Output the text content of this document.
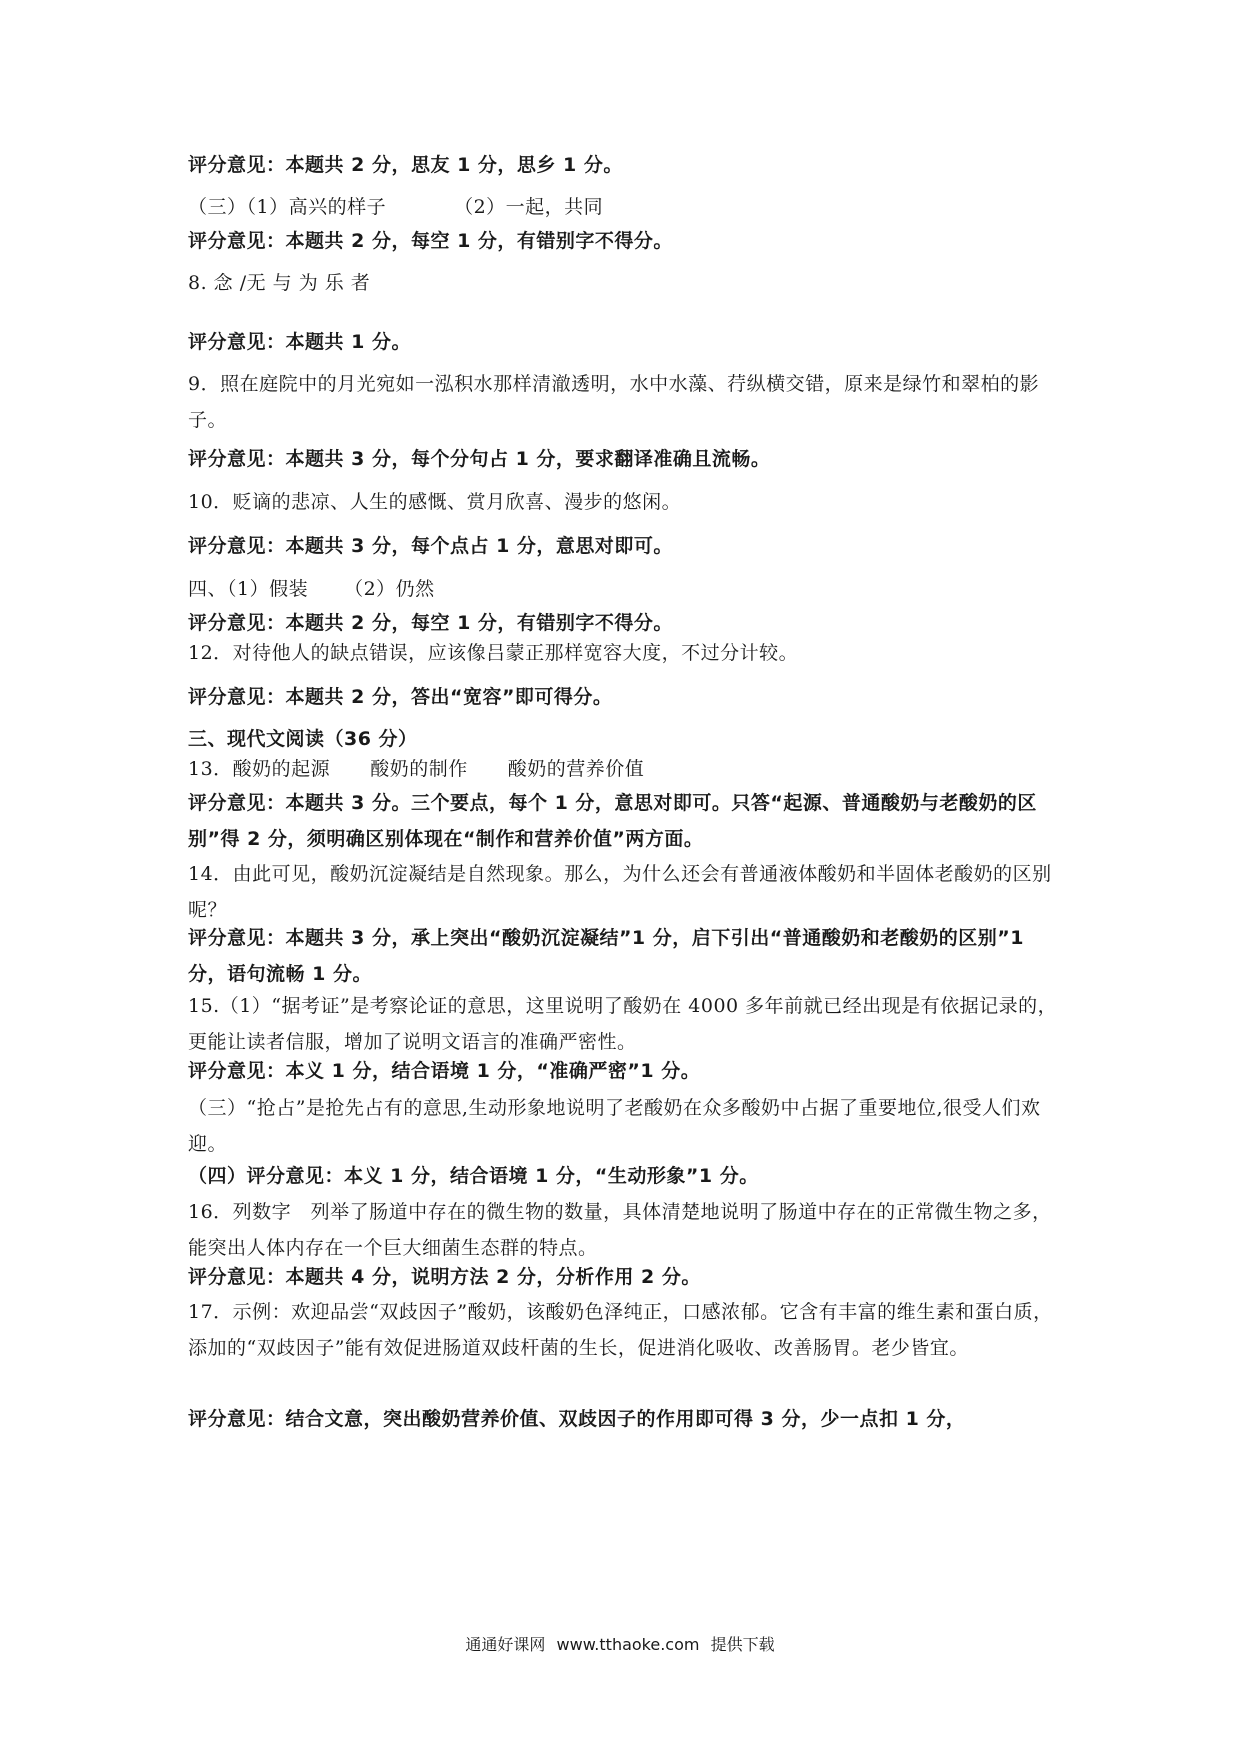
评分意见：本题共 2 分，思友 1 分，思乡 1 分。
（三）（1）高兴的样子	（2）一起，共同
评分意见：本题共 2 分，每空 1 分，有错别字不得分。
8. 念 /无 与 为 乐 者
评分意见：本题共 1 分。
9．照在庭院中的月光宛如一泓积水那样清澈透明，水中水藻、荇纵横交错，原来是绿竹和翠柏的影子。
评分意见：本题共 3 分，每个分句占 1 分，要求翻译准确且流畅。
10．贬谪的悲凉、人生的感慨、赏月欣喜、漫步的悠闲。
评分意见：本题共 3 分，每个点占 1 分，意思对即可。
四、（1）假装 （2）仍然
评分意见：本题共 2 分，每空 1 分，有错别字不得分。
12．对待他人的缺点错误，应该像吕蒙正那样宽容大度，不过分计较。
评分意见：本题共 2 分，答出“宽容”即可得分。
三、现代文阅读（36 分）
13．酸奶的起源 酸奶的制作 酸奶的营养价值
评分意见：本题共 3 分。三个要点，每个 1 分，意思对即可。只答“起源、普通酸奶与老酸奶的区别”得 2 分，须明确区别体现在“制作和营养价值”两方面。
14．由此可见，酸奶沉淀凝结是自然现象。那么，为什么还会有普通液体酸奶和半固体老酸奶的区别呢？
评分意见：本题共 3 分，承上突出“酸奶沉淀凝结”1 分，启下引出“普通酸奶和老酸奶的区别”1 分，语句流畅 1 分。
15.（1）“据考证”是考察论证的意思，这里说明了酸奶在 4000 多年前就已经出现是有依据记录的，更能让读者信服，增加了说明文语言的准确严密性。
评分意见：本义 1 分，结合语境 1 分，“准确严密”1 分。
（三）“抢占”是抢先占有的意思,生动形象地说明了老酸奶在众多酸奶中占据了重要地位,很受人们欢迎。
（四）评分意见：本义 1 分，结合语境 1 分，“生动形象”1 分。
16．列数字　列举了肠道中存在的微生物的数量，具体清楚地说明了肠道中存在的正常微生物之多，能突出人体内存在一个巨大细菌生态群的特点。
评分意见：本题共 4 分，说明方法 2 分，分析作用 2 分。
17．示例：欢迎品尝“双歧因子”酸奶，该酸奶色泽纯正，口感浓郁。它含有丰富的维生素和蛋白质，添加的“双歧因子”能有效促进肠道双歧杆菌的生长，促进消化吸收、改善肠胃。老少皆宜。
评分意见：结合文意，突出酸奶营养价值、双歧因子的作用即可得 3 分，少一点扣 1 分，
通通好课网 www.tthaoke.com 提供下载
